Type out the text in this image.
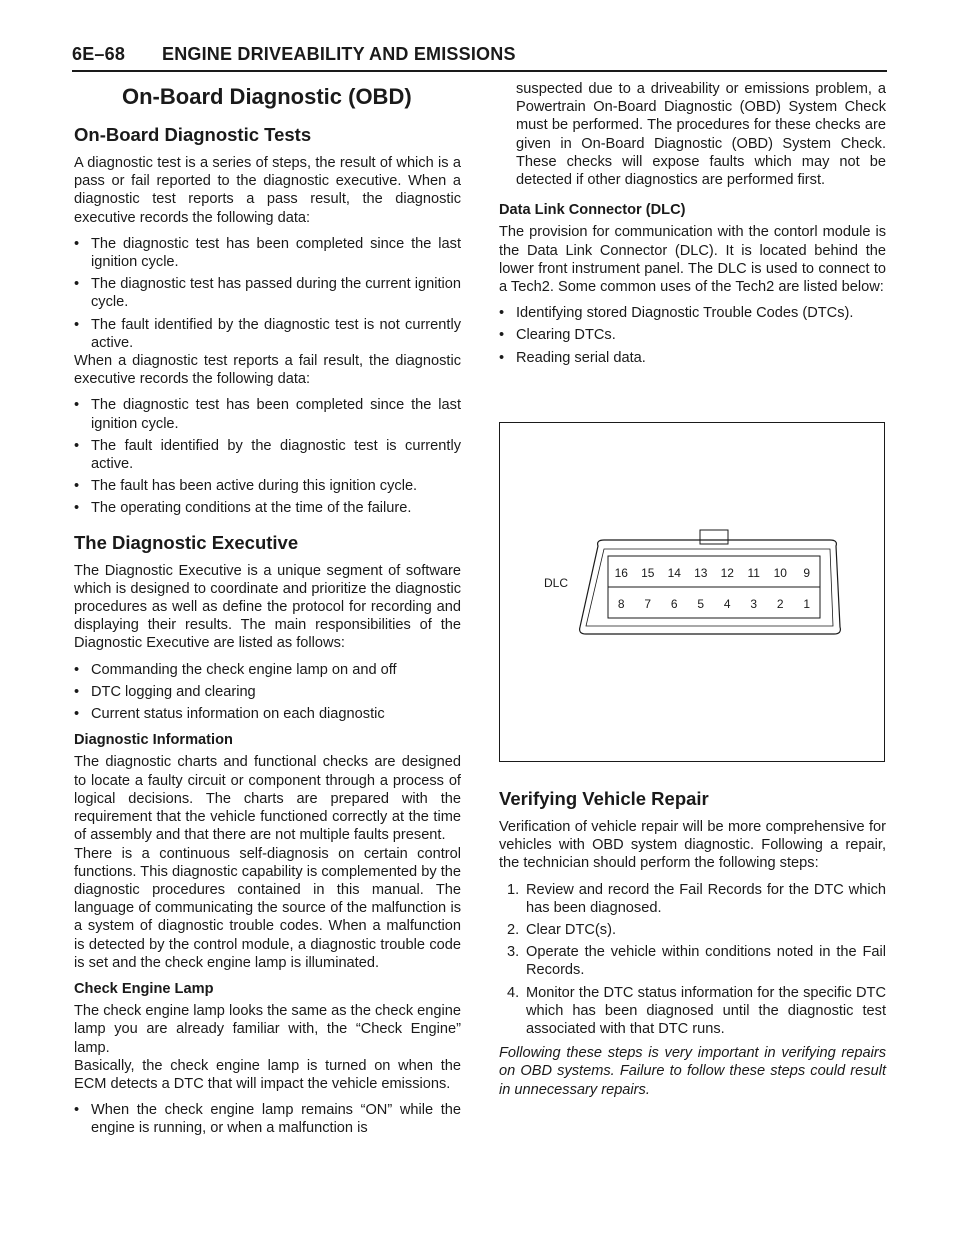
6E–68 ENGINE DRIVEABILITY AND EMISSIONS
On-Board Diagnostic (OBD)
On-Board Diagnostic Tests

A diagnostic test is a series of steps, the result of which is a pass or fail reported to the diagnostic executive. When a diagnostic test reports a pass result, the diagnostic executive records the following data:

• The diagnostic test has been completed since the last ignition cycle.
• The diagnostic test has passed during the current ignition cycle.
• The fault identified by the diagnostic test is not currently active.

When a diagnostic test reports a fail result, the diagnostic executive records the following data:

• The diagnostic test has been completed since the last ignition cycle.
• The fault identified by the diagnostic test is currently active.
• The fault has been active during this ignition cycle.
• The operating conditions at the time of the failure.
The Diagnostic Executive

The Diagnostic Executive is a unique segment of software which is designed to coordinate and prioritize the diagnostic procedures as well as define the protocol for recording and displaying their results. The main responsibilities of the Diagnostic Executive are listed as follows:

• Commanding the check engine lamp on and off
• DTC logging and clearing
• Current status information on each diagnostic
Diagnostic Information

The diagnostic charts and functional checks are designed to locate a faulty circuit or component through a process of logical decisions. The charts are prepared with the requirement that the vehicle functioned correctly at the time of assembly and that there are not multiple faults present.

There is a continuous self-diagnosis on certain control functions. This diagnostic capability is complemented by the diagnostic procedures contained in this manual. The language of communicating the source of the malfunction is a system of diagnostic trouble codes. When a malfunction is detected by the control module, a diagnostic trouble code is set and the check engine lamp is illuminated.

Check Engine Lamp

The check engine lamp looks the same as the check engine lamp you are already familiar with, the “Check Engine” lamp.

Basically, the check engine lamp is turned on when the ECM detects a DTC that will impact the vehicle emissions.

• When the check engine lamp remains “ON” while the engine is running, or when a malfunction is

suspected due to a driveability or emissions problem, a Powertrain On-Board Diagnostic (OBD) System Check must be performed. The procedures for these checks are given in On-Board Diagnostic (OBD) System Check. These checks will expose faults which may not be detected if other diagnostics are performed first.

Data Link Connector (DLC)

The provision for communication with the contorl module is the Data Link Connector (DLC). It is located behind the lower front instrument panel. The DLC is used to connect to a Tech2. Some common uses of the Tech2 are listed below:

• Identifying stored Diagnostic Trouble Codes (DTCs).
• Clearing DTCs.
• Reading serial data.
16 15 14 13 12 11 10 9
8 7 6 5 4 3 2 1
DLC
Verifying Vehicle Repair

Verification of vehicle repair will be more comprehensive for vehicles with OBD system diagnostic. Following a repair, the technician should perform the following steps:

1. Review and record the Fail Records for the DTC which has been diagnosed.
2. Clear DTC(s).
3. Operate the vehicle within conditions noted in the Fail Records.
4. Monitor the DTC status information for the specific DTC which has been diagnosed until the diagnostic test associated with that DTC runs.

Following these steps is very important in verifying repairs on OBD systems. Failure to follow these steps could result in unnecessary repairs.
